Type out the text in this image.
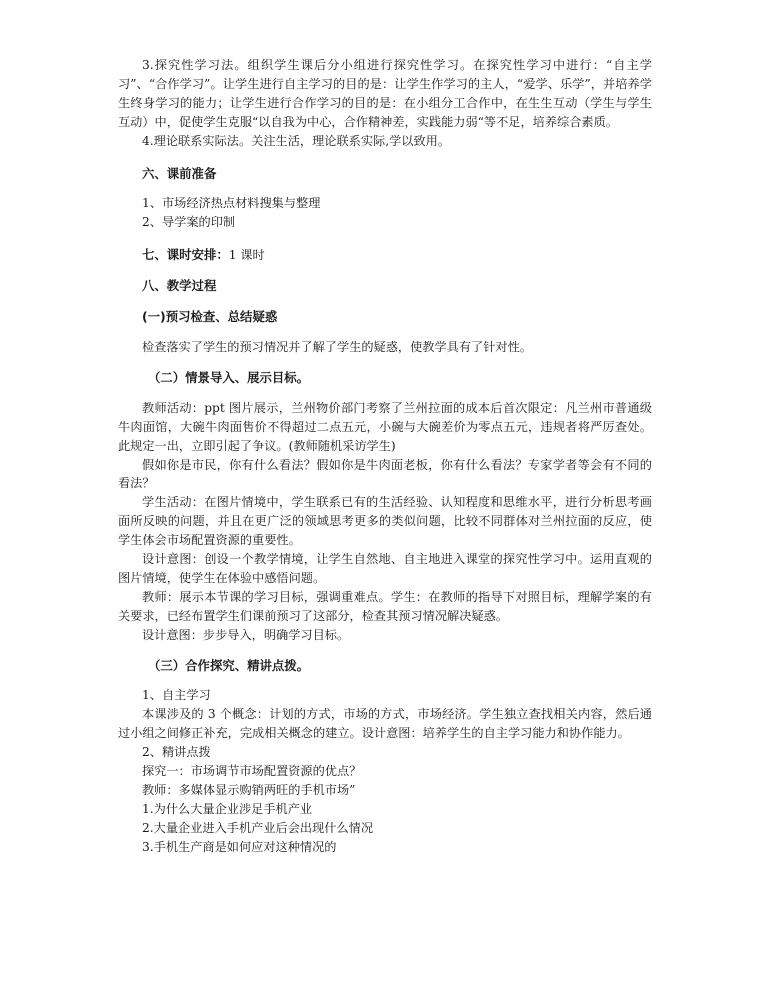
3.探究性学习法。组织学生课后分小组进行探究性学习。在探究性学习中进行：“自主学习”、“合作学习”。让学生进行自主学习的目的是：让学生作学习的主人，“爱学、乐学”，并培养学生终身学习的能力；让学生进行合作学习的目的是：在小组分工合作中，在生生互动（学生与学生互动）中，促使学生克服“以自我为中心，合作精神差，实践能力弱“等不足，培养综合素质。

4.理论联系实际法。关注生活，理论联系实际,学以致用。

六、课前准备

1、市场经济热点材料搜集与整理

2、导学案的印制

七、课时安排：1 课时
八、教学过程
(一)预习检查、总结疑惑

检查落实了学生的预习情况并了解了学生的疑惑，使教学具有了针对性。

（二）情景导入、展示目标。

教师活动：ppt 图片展示，兰州物价部门考察了兰州拉面的成本后首次限定：凡兰州市普通级牛肉面馆，大碗牛肉面售价不得超过二点五元，小碗与大碗差价为零点五元，违规者将严厉查处。此规定一出，立即引起了争议。(教师随机采访学生)

假如你是市民，你有什么看法？假如你是牛肉面老板，你有什么看法？专家学者等会有不同的看法？

学生活动：在图片情境中，学生联系已有的生活经验、认知程度和思维水平，进行分析思考画面所反映的问题，并且在更广泛的领域思考更多的类似问题，比较不同群体对兰州拉面的反应，使学生体会市场配置资源的重要性。

设计意图：创设一个教学情境，让学生自然地、自主地进入课堂的探究性学习中。运用直观的图片情境，使学生在体验中感悟问题。

教师：展示本节课的学习目标，强调重难点。学生：在教师的指导下对照目标，理解学案的有关要求，已经布置学生们课前预习了这部分，检查其预习情况解决疑惑。

设计意图：步步导入，明确学习目标。

（三）合作探究、精讲点拨。

1、自主学习

本课涉及的 3 个概念：计划的方式，市场的方式，市场经济。学生独立查找相关内容，然后通过小组之间修正补充，完成相关概念的建立。设计意图：培养学生的自主学习能力和协作能力。

2、精讲点拨

探究一：市场调节市场配置资源的优点？

教师：多媒体显示购销两旺的手机市场”

1.为什么大量企业涉足手机产业

2.大量企业进入手机产业后会出现什么情况

3.手机生产商是如何应对这种情况的
